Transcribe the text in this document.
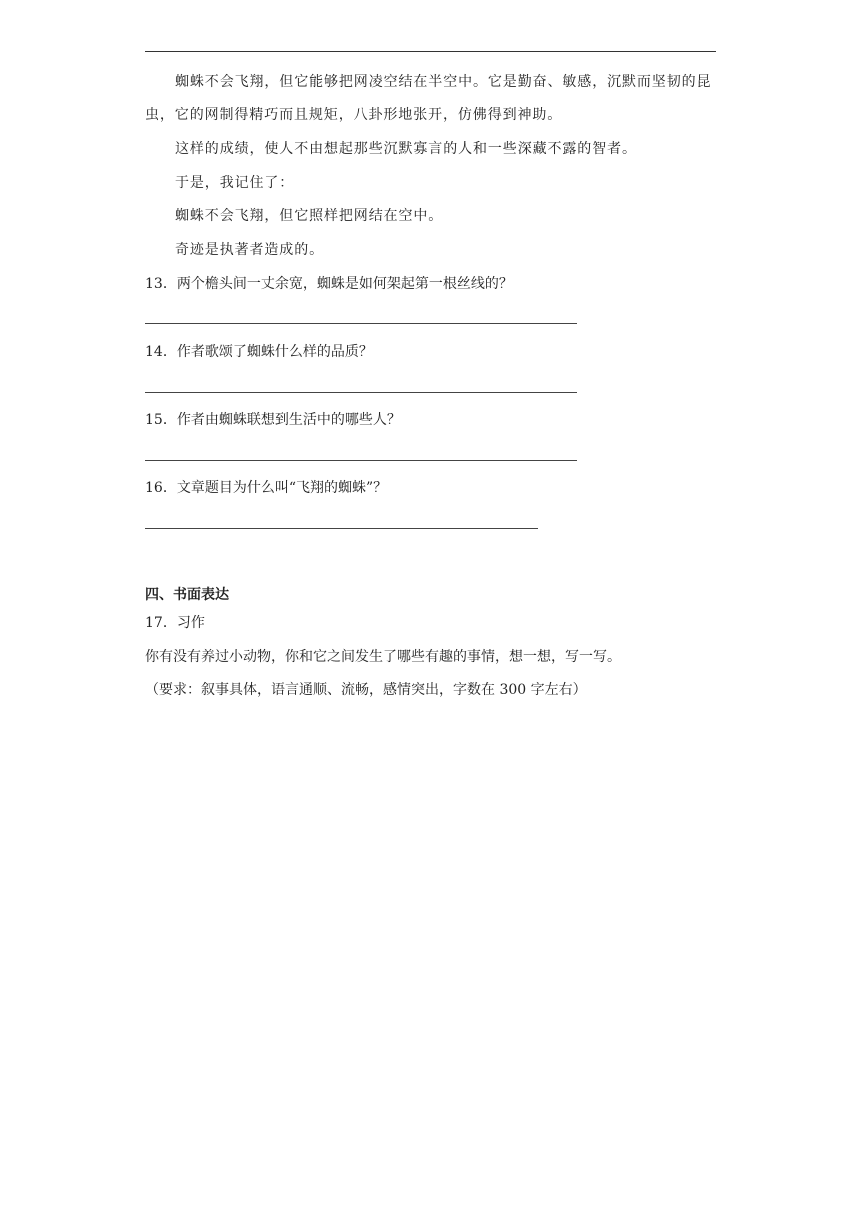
蜘蛛不会飞翔，但它能够把网凌空结在半空中。它是勤奋、敏感，沉默而坚韧的昆
虫，它的网制得精巧而且规矩，八卦形地张开，仿佛得到神助。
这样的成绩，使人不由想起那些沉默寡言的人和一些深藏不露的智者。
于是，我记住了：
蜘蛛不会飞翔，但它照样把网结在空中。
奇迹是执著者造成的。
13．两个檐头间一丈余宽，蜘蛛是如何架起第一根丝线的？
14．作者歌颂了蜘蛛什么样的品质？
15．作者由蜘蛛联想到生活中的哪些人？
16．文章题目为什么叫“飞翔的蜘蛛”？
四、书面表达
17．习作
你有没有养过小动物，你和它之间发生了哪些有趣的事情，想一想，写一写。
（要求：叙事具体，语言通顺、流畅，感情突出，字数在 300 字左右）
